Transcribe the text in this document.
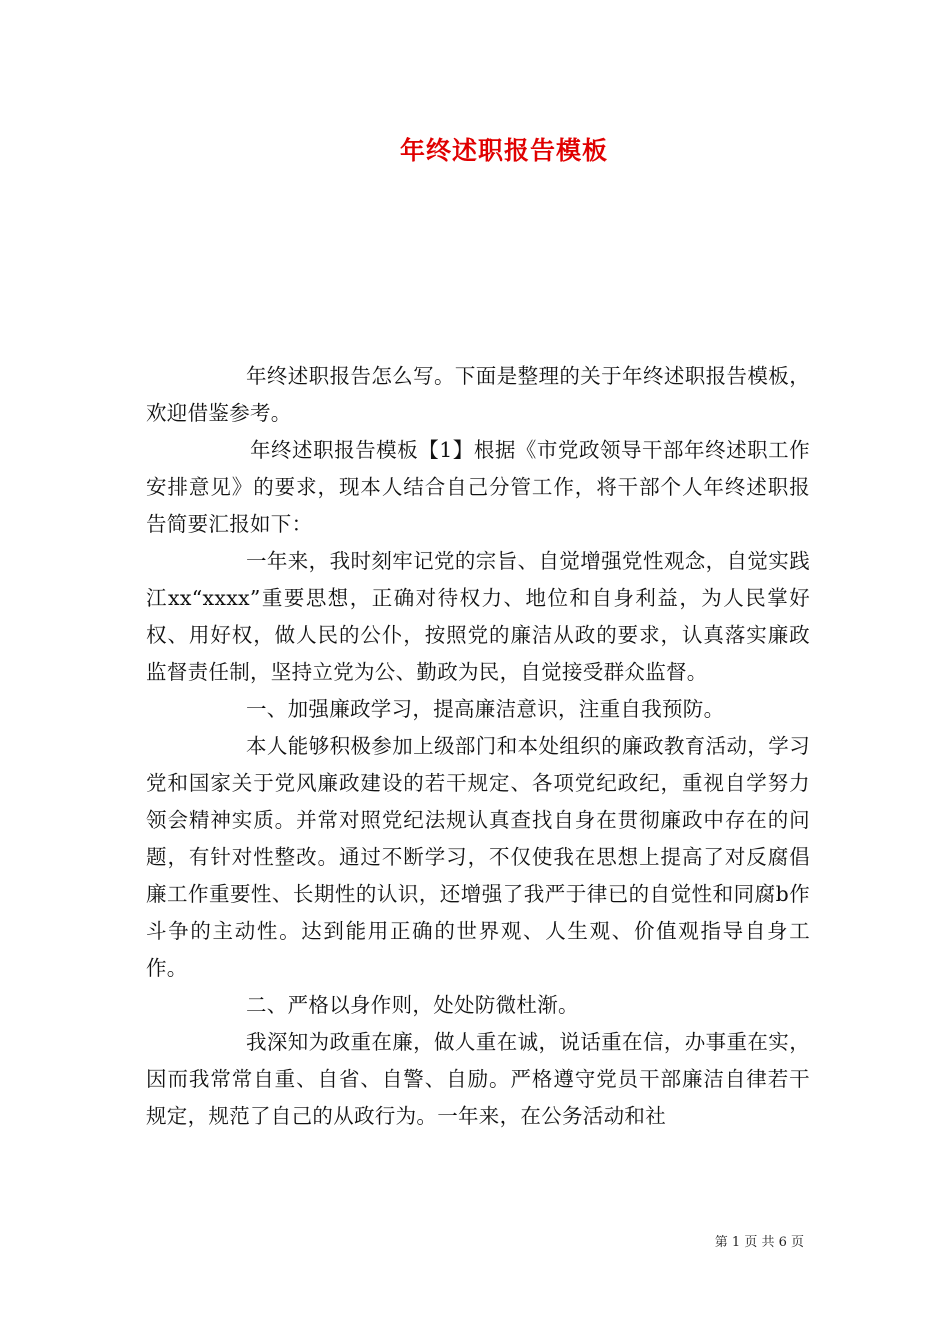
年终述职报告模板

年终述职报告怎么写。下面是整理的关于年终述职报告模板，欢迎借鉴参考。

年终述职报告模板【1】根据《市党政领导干部年终述职工作安排意见》的要求，现本人结合自己分管工作，将干部个人年终述职报告简要汇报如下：

一年来，我时刻牢记党的宗旨、自觉增强党性观念，自觉实践江xx“xxxx”重要思想，正确对待权力、地位和自身利益，为人民掌好权、用好权，做人民的公仆，按照党的廉洁从政的要求，认真落实廉政监督责任制，坚持立党为公、勤政为民，自觉接受群众监督。

一、加强廉政学习，提高廉洁意识，注重自我预防。

本人能够积极参加上级部门和本处组织的廉政教育活动，学习党和国家关于党风廉政建设的若干规定、各项党纪政纪，重视自学努力领会精神实质。并常对照党纪法规认真查找自身在贯彻廉政中存在的问题，有针对性整改。通过不断学习，不仅使我在思想上提高了对反腐倡廉工作重要性、长期性的认识，还增强了我严于律已的自觉性和同腐b作斗争的主动性。达到能用正确的世界观、人生观、价值观指导自身工作。

二、严格以身作则，处处防微杜渐。

我深知为政重在廉，做人重在诚，说话重在信，办事重在实，因而我常常自重、自省、自警、自励。严格遵守党员干部廉洁自律若干规定，规范了自己的从政行为。一年来，在公务活动和社

第 1 页 共 6 页
